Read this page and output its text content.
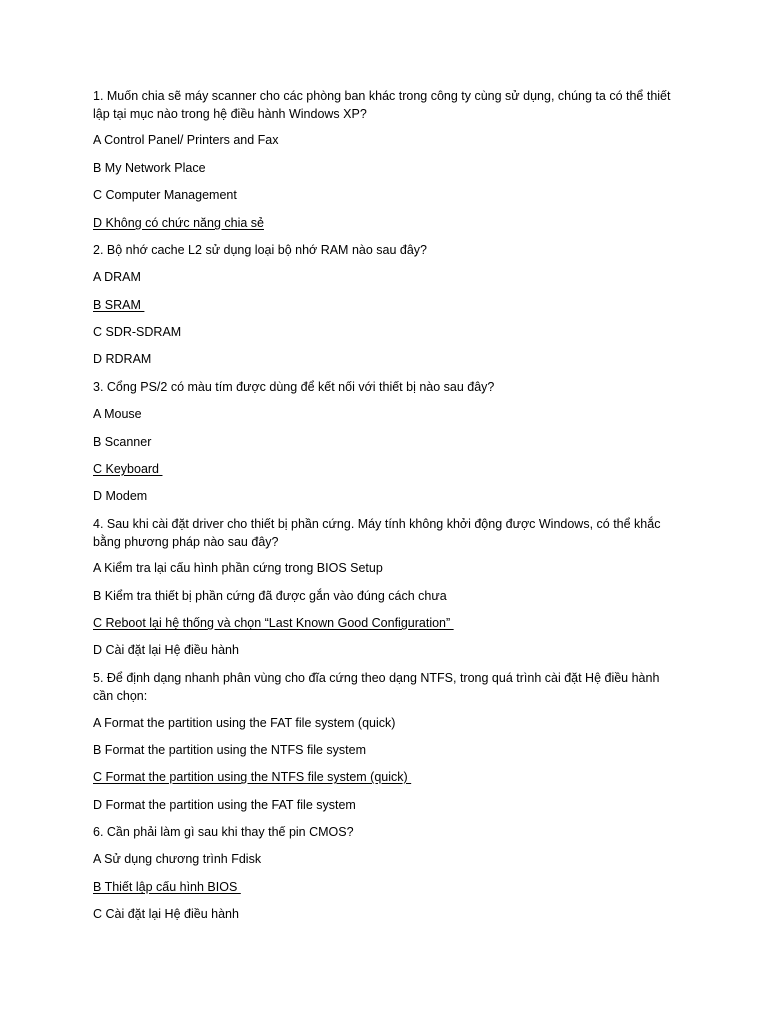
1. Muốn chia sẽ máy scanner cho các phòng ban khác trong công ty cùng sử dụng, chúng ta có thể thiết lập tại mục nào trong hệ điều hành Windows XP?
A Control Panel/ Printers and Fax
B My Network Place
C Computer Management
D Không có chức năng chia sẻ
2. Bộ nhớ cache L2 sử dụng loại bộ nhớ RAM nào sau đây?
A DRAM
B SRAM
C SDR-SDRAM
D RDRAM
3. Cổng PS/2 có màu tím được dùng để kết nối với thiết bị nào sau đây?
A Mouse
B Scanner
C Keyboard
D Modem
4. Sau khi cài đặt driver cho thiết bị phần cứng. Máy tính không khởi động được Windows, có thể khắc bằng phương pháp nào sau đây?
A Kiểm tra lại cấu hình phần cứng trong BIOS Setup
B Kiểm tra thiết bị phần cứng đã được gắn vào đúng cách chưa
C Reboot lại hệ thống và chọn “Last Known Good Configuration”
D Cài đặt lại Hệ điều hành
5. Để định dạng nhanh phân vùng cho đĩa cứng theo dạng NTFS, trong quá trình cài đặt Hệ điều hành cần chọn:
A Format the partition using the FAT file system (quick)
B Format the partition using the NTFS file system
C Format the partition using the NTFS file system (quick)
D Format the partition using the FAT file system
6. Cần phải làm gì sau khi thay thế pin CMOS?
A Sử dụng chương trình Fdisk
B Thiết lập cấu hình BIOS
C Cài đặt lại Hệ điều hành
